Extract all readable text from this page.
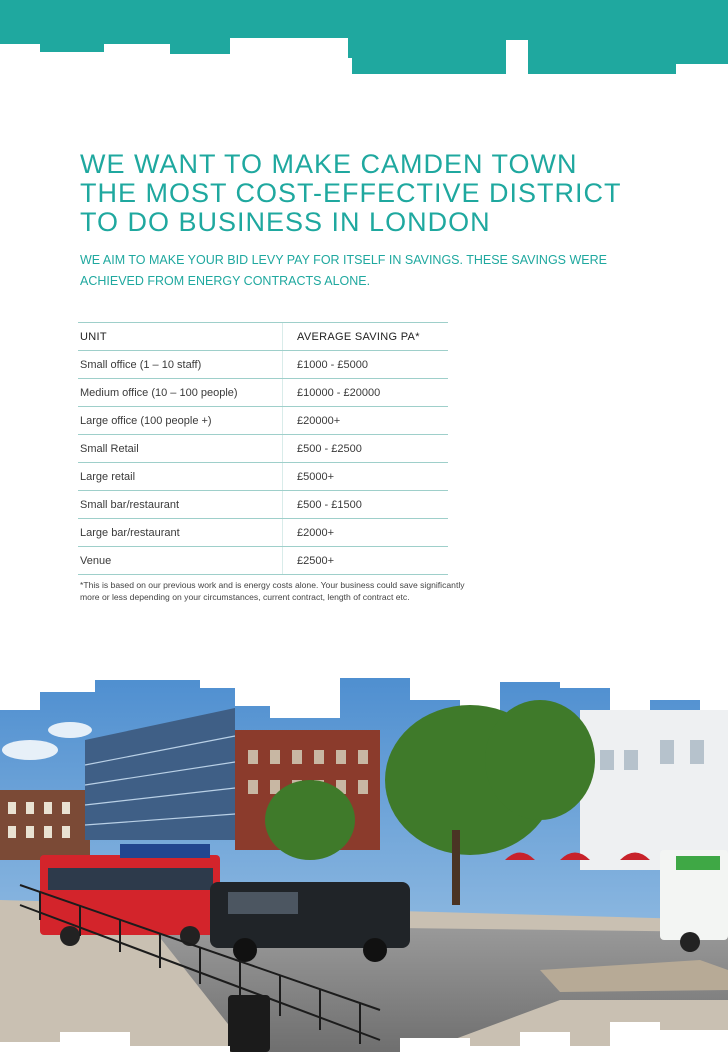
WE WANT TO MAKE CAMDEN TOWN
THE MOST COST-EFFECTIVE DISTRICT
TO DO BUSINESS IN LONDON

WE AIM TO MAKE YOUR BID LEVY PAY FOR ITSELF IN SAVINGS. THESE SAVINGS WERE
ACHIEVED FROM ENERGY CONTRACTS ALONE.

UNIT	AVERAGE SAVING PA*
Small office (1 – 10 staff)	£1000 - £5000
Medium office (10 – 100 people)	£10000 - £20000
Large office (100 people +)	£20000+
Small Retail	£500 - £2500
Large retail	£5000+
Small bar/restaurant	£500 - £1500
Large bar/restaurant	£2000+
Venue	£2500+

*This is based on our previous work and is energy costs alone. Your business could save significantly
more or less depending on your circumstances, current contract, length of contract etc.
